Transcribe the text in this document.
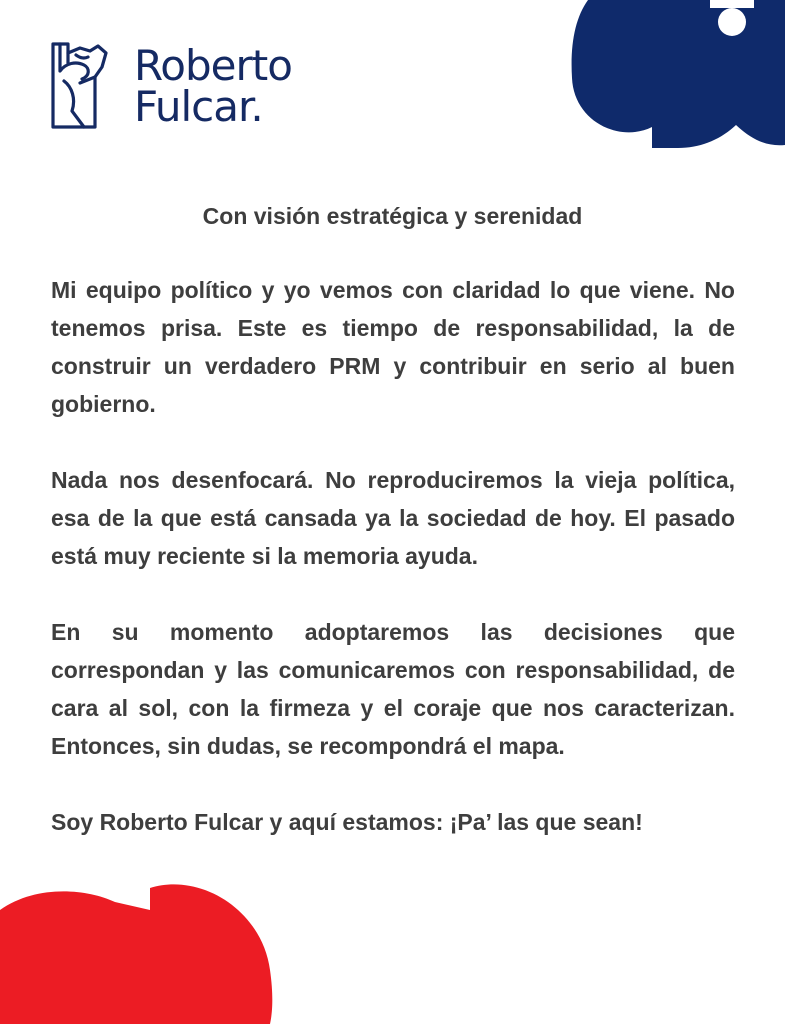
Roberto
Fulcar.
Con visión estratégica y serenidad

Mi equipo político y yo vemos con claridad lo que viene. No tenemos prisa. Este es tiempo de responsabilidad, la de construir un verdadero PRM y contribuir en serio al buen gobierno.

Nada nos desenfocará. No reproduciremos la vieja política, esa de la que está cansada ya la sociedad de hoy. El pasado está muy reciente si la memoria ayuda.

En su momento adoptaremos las decisiones que correspondan y las comunicaremos con responsabilidad, de cara al sol, con la firmeza y el coraje que nos caracterizan. Entonces, sin dudas, se recompondrá el mapa.

Soy Roberto Fulcar y aquí estamos: ¡Pa’ las que sean!
